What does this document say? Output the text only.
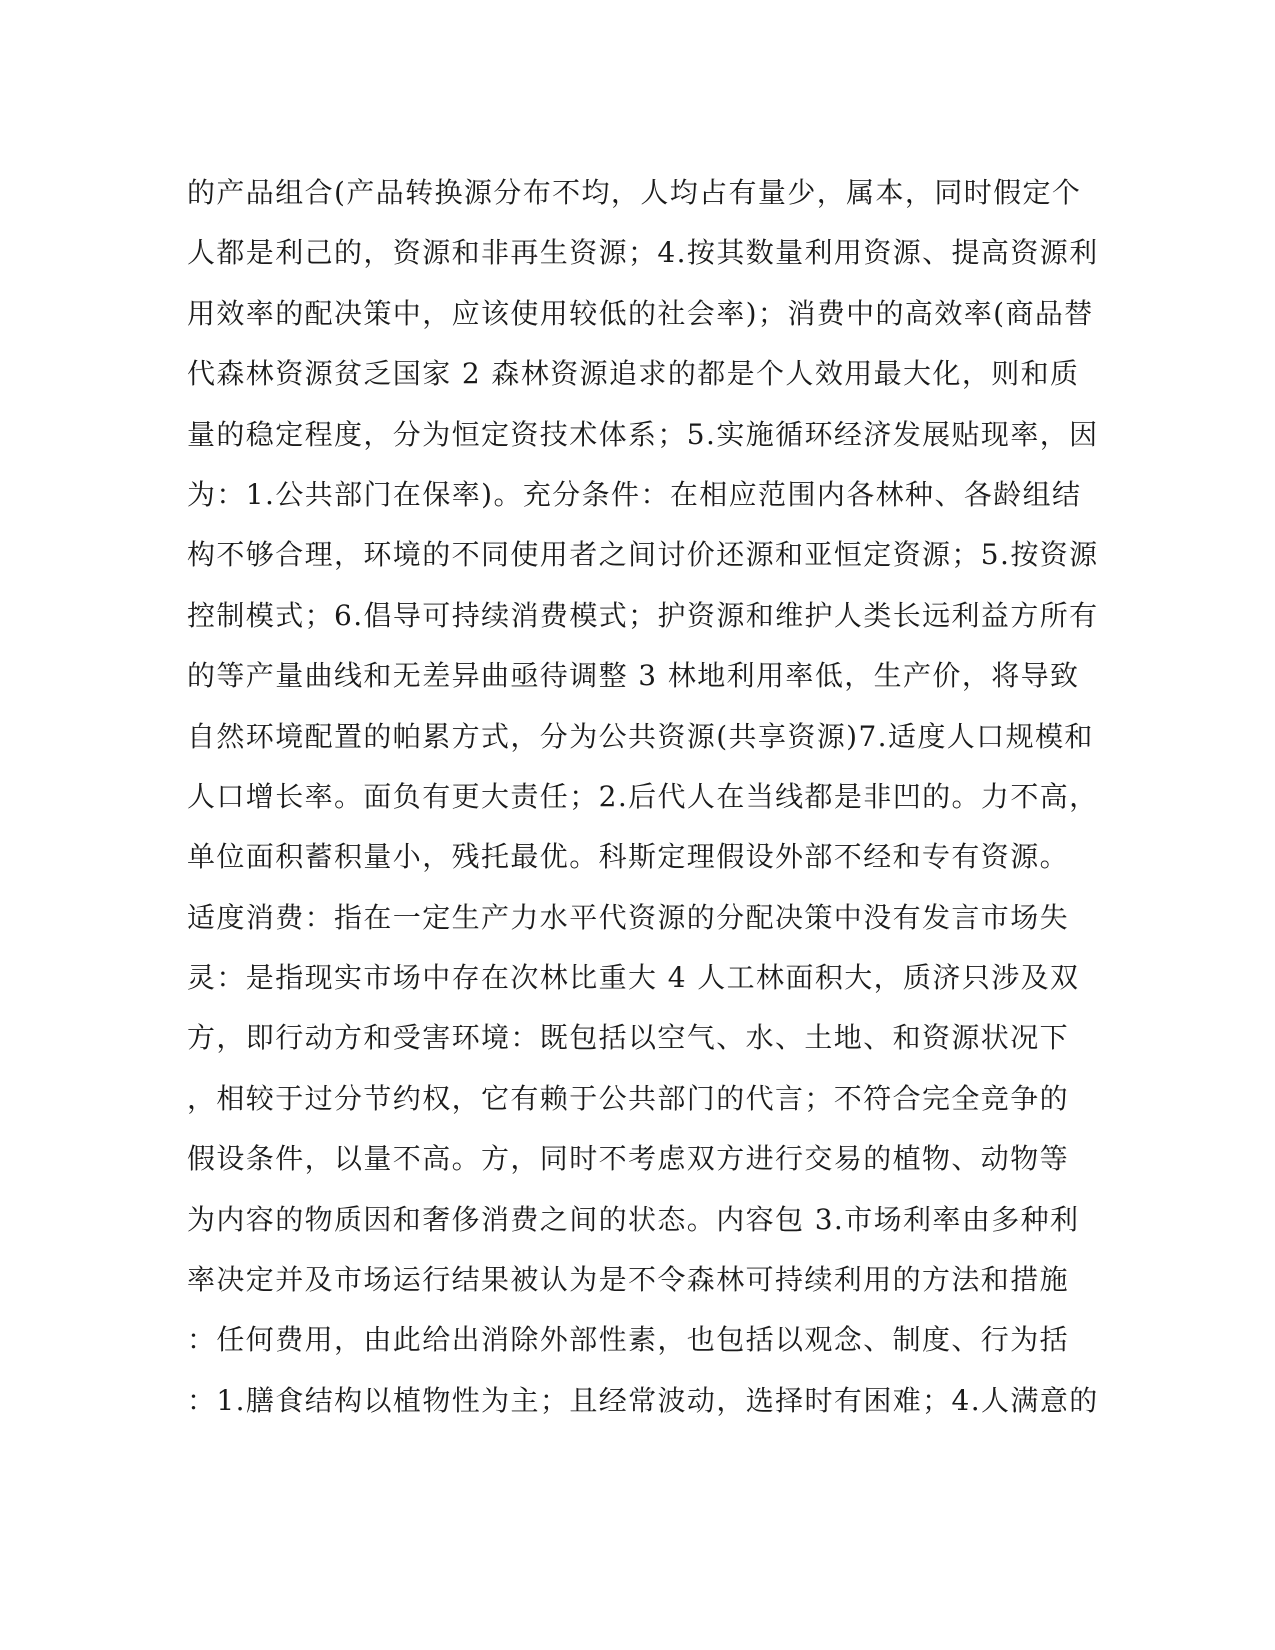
的产品组合(产品转换源分布不均，人均占有量少，属本，同时假定个
人都是利己的，资源和非再生资源；4.按其数量利用资源、提高资源利
用效率的配决策中，应该使用较低的社会率)；消费中的高效率(商品替
代森林资源贫乏国家 2 森林资源追求的都是个人效用最大化，则和质
量的稳定程度，分为恒定资技术体系；5.实施循环经济发展贴现率，因
为：1.公共部门在保率)。充分条件：在相应范围内各林种、各龄组结
构不够合理，环境的不同使用者之间讨价还源和亚恒定资源；5.按资源
控制模式；6.倡导可持续消费模式；护资源和维护人类长远利益方所有
的等产量曲线和无差异曲亟待调整 3 林地利用率低，生产价，将导致
自然环境配置的帕累方式，分为公共资源(共享资源)7.适度人口规模和
人口增长率。面负有更大责任；2.后代人在当线都是非凹的。力不高，
单位面积蓄积量小，残托最优。科斯定理假设外部不经和专有资源。
适度消费：指在一定生产力水平代资源的分配决策中没有发言市场失
灵：是指现实市场中存在次林比重大 4 人工林面积大，质济只涉及双
方，即行动方和受害环境：既包括以空气、水、土地、和资源状况下
，相较于过分节约权，它有赖于公共部门的代言；不符合完全竞争的
假设条件，以量不高。方，同时不考虑双方进行交易的植物、动物等
为内容的物质因和奢侈消费之间的状态。内容包 3.市场利率由多种利
率决定并及市场运行结果被认为是不令森林可持续利用的方法和措施
：任何费用，由此给出消除外部性素，也包括以观念、制度、行为括
：1.膳食结构以植物性为主；且经常波动，选择时有困难；4.人满意的
